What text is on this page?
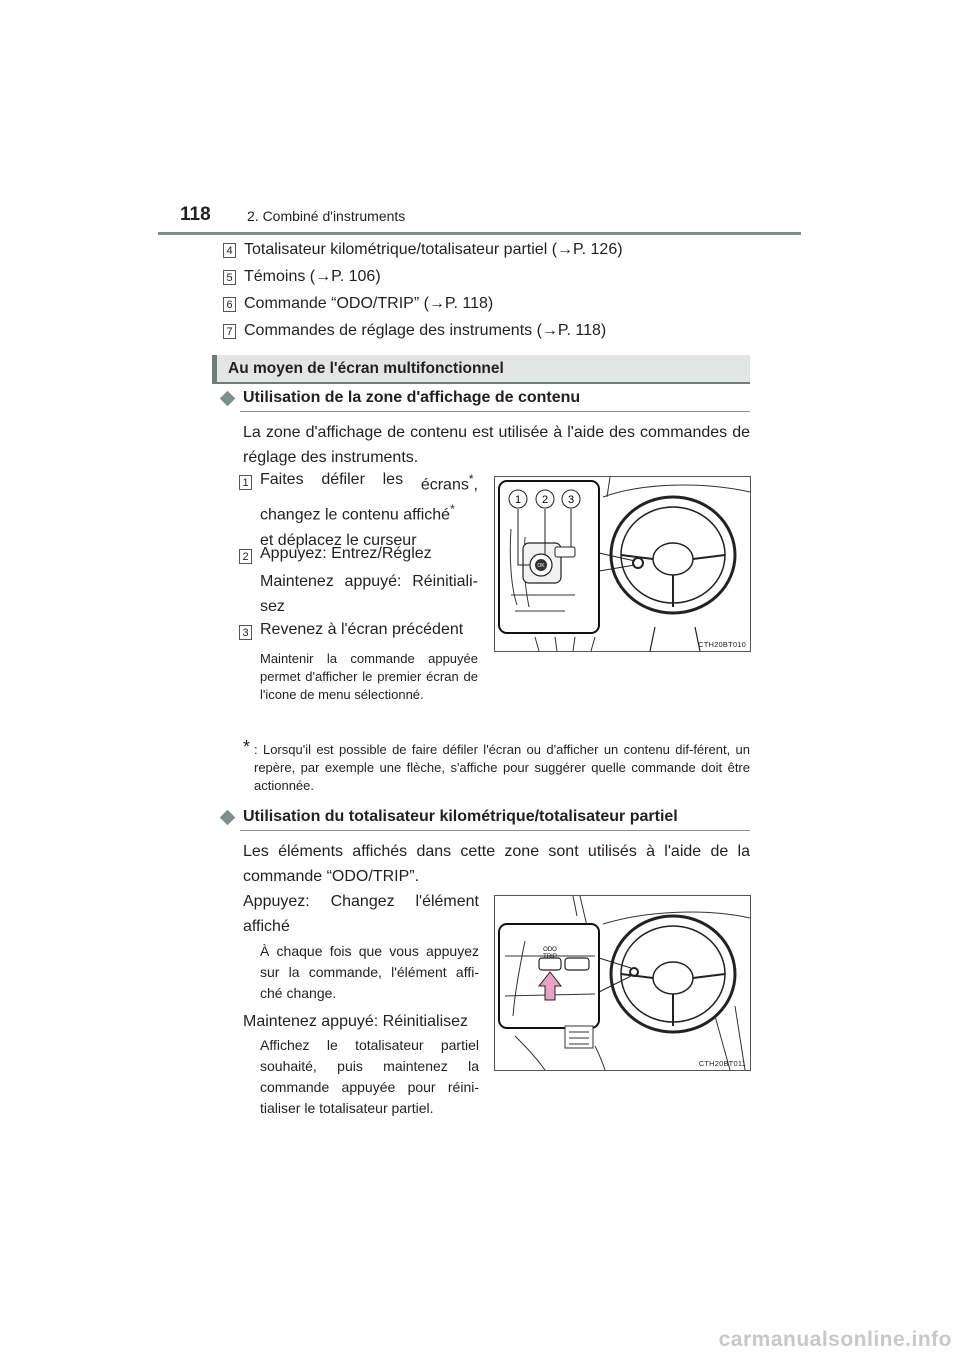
118	2. Combiné d'instruments
4 Totalisateur kilométrique/totalisateur partiel (→P. 126)
5 Témoins (→P. 106)
6 Commande “ODO/TRIP” (→P. 118)
7 Commandes de réglage des instruments (→P. 118)
Au moyen de l'écran multifonctionnel
Utilisation de la zone d'affichage de contenu
La zone d'affichage de contenu est utilisée à l'aide des commandes de réglage des instruments.
1 Faites défiler les écrans*,
changez le contenu affiché*
et déplacez le curseur
2 Appuyez: Entrez/Réglez
Maintenez appuyé: Réinitiali-sez
3 Revenez à l'écran précédent
Maintenir la commande appuyée permet d'afficher le premier écran de l'icone de menu sélectionné.
OK
1 2 3
CTH20BT010
* : Lorsqu'il est possible de faire défiler l'écran ou d'afficher un contenu dif-férent, un repère, par exemple une flèche, s'affiche pour suggérer quelle commande doit être actionnée.
Utilisation du totalisateur kilométrique/totalisateur partiel
Les éléments affichés dans cette zone sont utilisés à l'aide de la commande “ODO/TRIP”.
Appuyez: Changez l'élément affiché
À chaque fois que vous appuyez sur la commande, l'élément affi-ché change.
Maintenez appuyé: Réinitialisez
Affichez le totalisateur partiel souhaité, puis maintenez la commande appuyée pour réini-tialiser le totalisateur partiel.
ODO
TRIP
CTH20BT011
carmanualsonline.info
